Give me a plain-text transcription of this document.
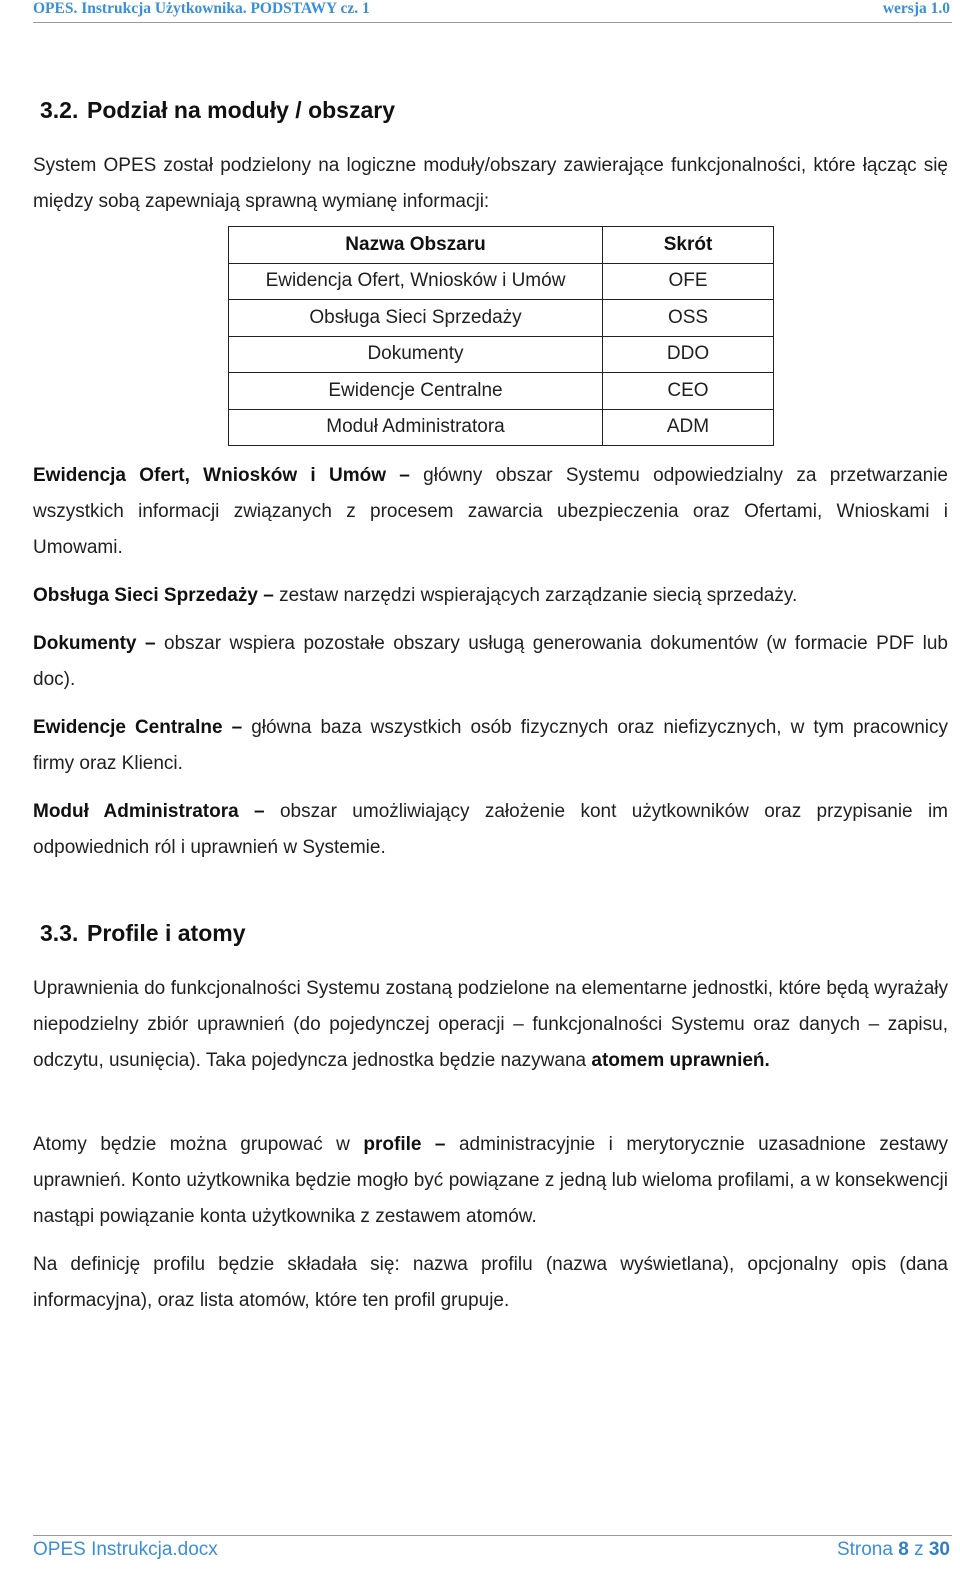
OPES. Instrukcja Użytkownika. PODSTAWY cz. 1	wersja 1.0
3.2. Podział na moduły / obszary
System OPES został podzielony na logiczne moduły/obszary zawierające funkcjonalności, które łącząc się między sobą zapewniają sprawną wymianę informacji:
Nazwa Obszaru	Skrót
Ewidencja Ofert, Wniosków i Umów	OFE
Obsługa Sieci Sprzedaży	OSS
Dokumenty	DDO
Ewidencje Centralne	CEO
Moduł Administratora	ADM
Ewidencja Ofert, Wniosków i Umów – główny obszar Systemu odpowiedzialny za przetwarzanie wszystkich informacji związanych z procesem zawarcia ubezpieczenia oraz Ofertami, Wnioskami i Umowami.
Obsługa Sieci Sprzedaży – zestaw narzędzi wspierających zarządzanie siecią sprzedaży.
Dokumenty – obszar wspiera pozostałe obszary usługą generowania dokumentów (w formacie PDF lub doc).
Ewidencje Centralne – główna baza wszystkich osób fizycznych oraz niefizycznych, w tym pracownicy firmy oraz Klienci.
Moduł Administratora – obszar umożliwiający założenie kont użytkowników oraz przypisanie im odpowiednich ról i uprawnień w Systemie.
3.3. Profile i atomy
Uprawnienia do funkcjonalności Systemu zostaną podzielone na elementarne jednostki, które będą wyrażały niepodzielny zbiór uprawnień (do pojedynczej operacji – funkcjonalności Systemu oraz danych – zapisu, odczytu, usunięcia). Taka pojedyncza jednostka będzie nazywana atomem uprawnień.
Atomy będzie można grupować w profile – administracyjnie i merytorycznie uzasadnione zestawy uprawnień. Konto użytkownika będzie mogło być powiązane z jedną lub wieloma profilami, a w konsekwencji nastąpi powiązanie konta użytkownika z zestawem atomów.
Na definicję profilu będzie składała się: nazwa profilu (nazwa wyświetlana), opcjonalny opis (dana informacyjna), oraz lista atomów, które ten profil grupuje.
OPES Instrukcja.docx	Strona 8 z 30
